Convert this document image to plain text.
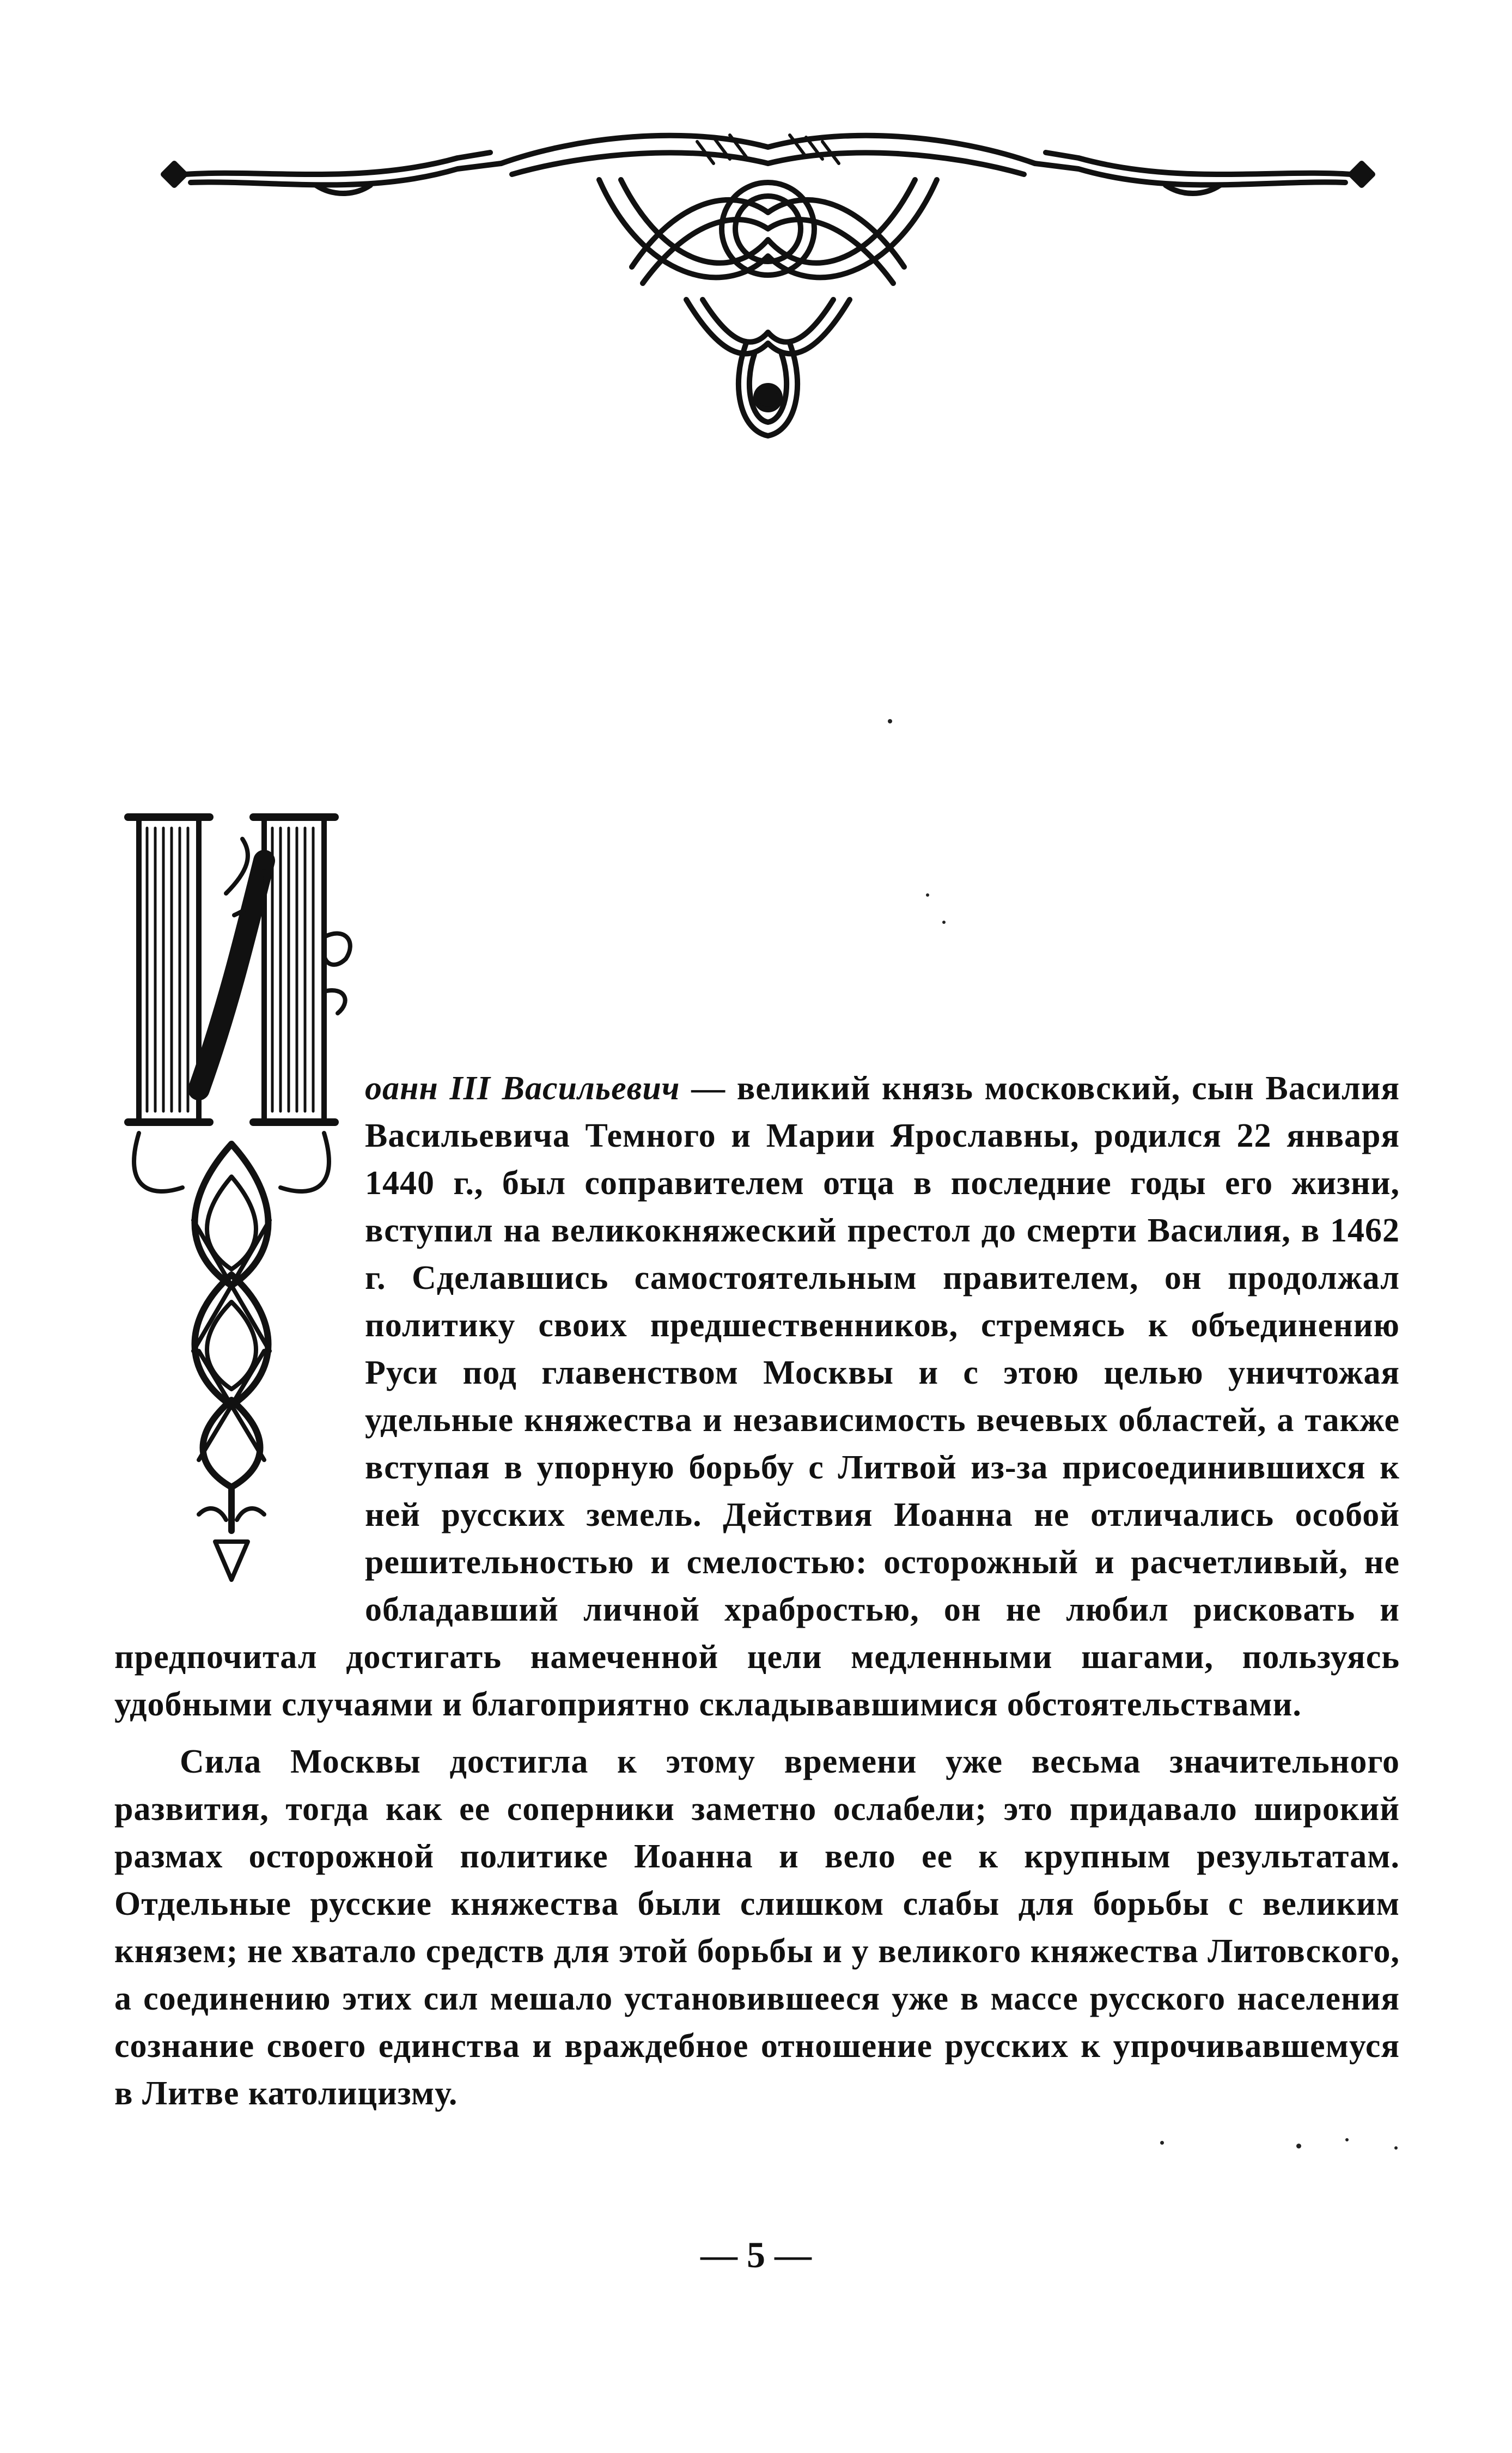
оанн III Васильевич — великий князь московский, сын Василия Васильевича Темного и Марии Ярославны, родился 22 января 1440 г., был соправителем отца в последние годы его жизни, вступил на великокняжеский престол до смерти Василия, в 1462 г. Сделавшись самостоятельным правителем, он продолжал политику своих предшественников, стремясь к объединению Руси под главенством Москвы и с этою целью уничтожая удельные княжества и независимость вечевых областей, а также вступая в упорную борьбу с Литвой из-за присоединившихся к ней русских земель. Действия Иоанна не отличались особой решительностью и смелостью: осторожный и расчетливый, не обладавший личной храбростью, он не любил рисковать и предпочитал достигать намеченной цели медленными шагами, пользуясь удобными случаями и благоприятно складывавшимися обстоятельствами.

Сила Москвы достигла к этому времени уже весьма значительного развития, тогда как ее соперники заметно ослабели; это придавало широкий размах осторожной политике Иоанна и вело ее к крупным результатам. Отдельные русские княжества были слишком слабы для борьбы с великим князем; не хватало средств для этой борьбы и у великого княжества Литовского, а соединению этих сил мешало установившееся уже в массе русского населения сознание своего единства и враждебное отношение русских к упрочивавшемуся в Литве католицизму.

— 5 —
